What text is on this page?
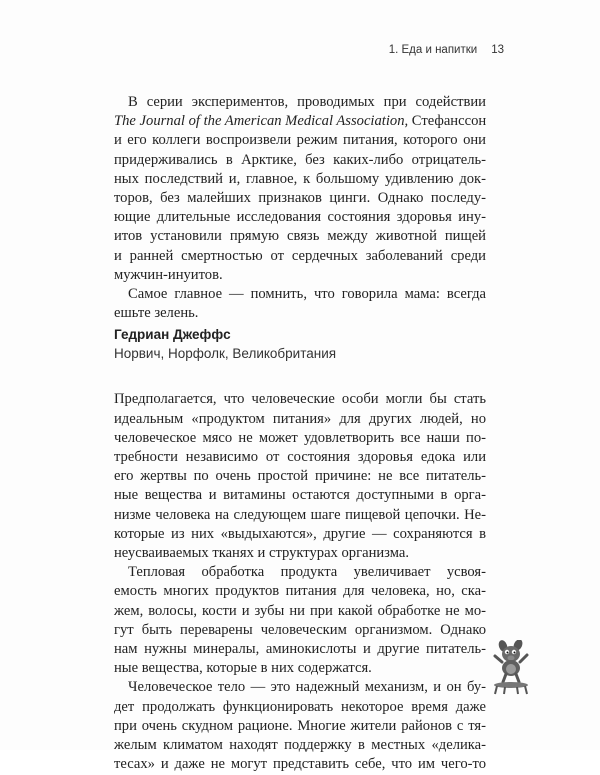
1. Еда и напитки 13

В серии экспериментов, проводимых при содействии
The Journal of the American Medical Association, Стефанссон
и его коллеги воспроизвели режим питания, которого они
придерживались в Арктике, без каких-либо отрицатель-
ных последствий и, главное, к большому удивлению док-
торов, без малейших признаков цинги. Однако последу-
ющие длительные исследования состояния здоровья ину-
итов установили прямую связь между животной пищей
и ранней смертностью от сердечных заболеваний среди
мужчин-инуитов.

Самое главное — помнить, что говорила мама: всегда
ешьте зелень.

Гедриан Джеффс
Норвич, Норфолк, Великобритания

Предполагается, что человеческие особи могли бы стать
идеальным «продуктом питания» для других людей, но
человеческое мясо не может удовлетворить все наши по-
требности независимо от состояния здоровья едока или
его жертвы по очень простой причине: не все питатель-
ные вещества и витамины остаются доступными в орга-
низме человека на следующем шаге пищевой цепочки. Не-
которые из них «выдыхаются», другие — сохраняются в
неусваиваемых тканях и структурах организма.

Тепловая обработка продукта увеличивает усвоя-
емость многих продуктов питания для человека, но, ска-
жем, волосы, кости и зубы ни при какой обработке не мо-
гут быть переварены человеческим организмом. Однако
нам нужны минералы, аминокислоты и другие питатель-
ные вещества, которые в них содержатся.

Человеческое тело — это надежный механизм, и он бу-
дет продолжать функционировать некоторое время даже
при очень скудном рационе. Многие жители районов с тя-
желым климатом находят поддержку в местных «делика-
тесах» и даже не могут представить себе, что им чего-то
